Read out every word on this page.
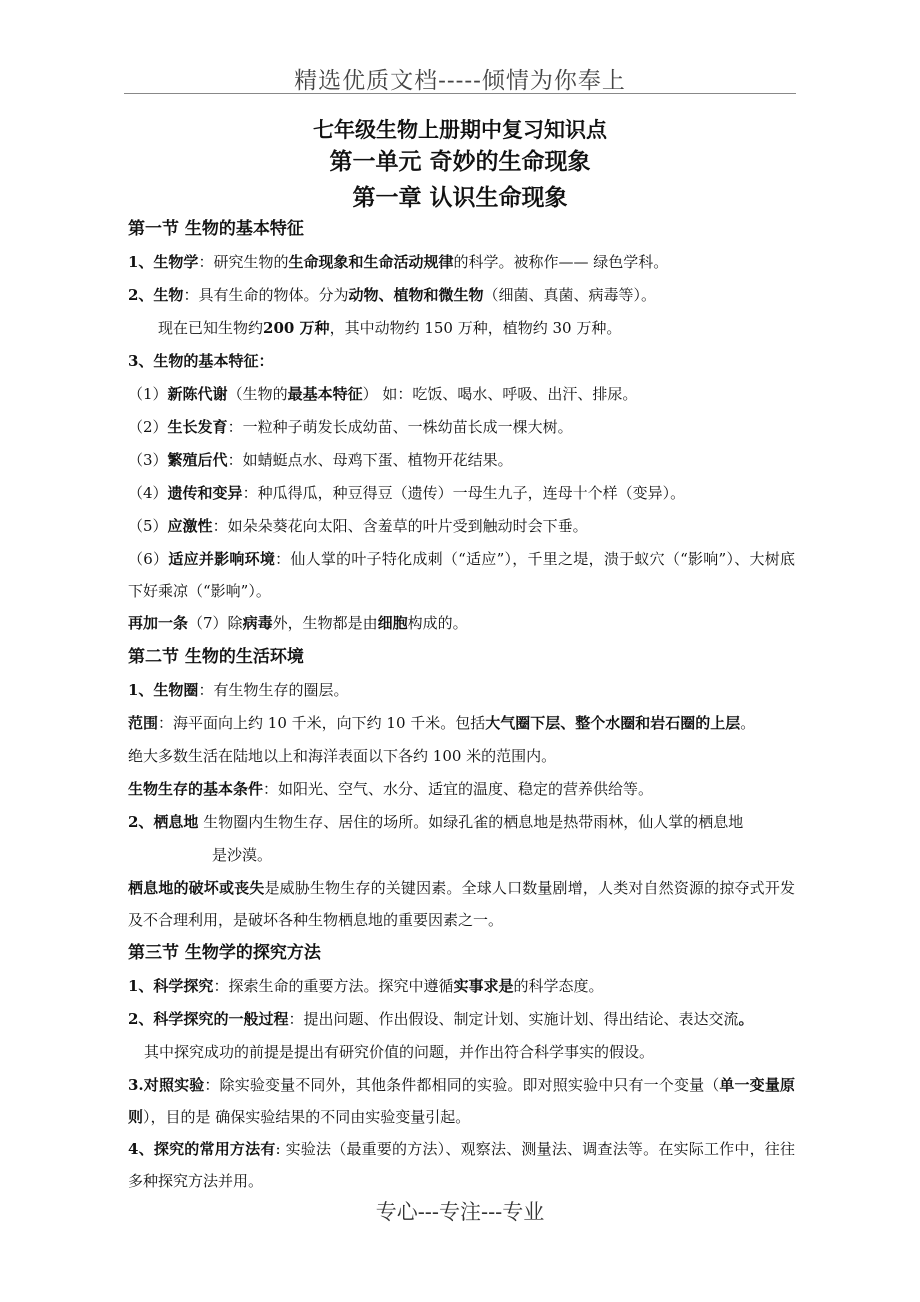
精选优质文档-----倾情为你奉上
七年级生物上册期中复习知识点
第一单元 奇妙的生命现象
第一章 认识生命现象
第一节 生物的基本特征
1、生物学：研究生物的生命现象和生命活动规律的科学。被称作—— 绿色学科。
2、生物：具有生命的物体。分为动物、植物和微生物（细菌、真菌、病毒等）。
现在已知生物约200 万种，其中动物约 150 万种，植物约 30 万种。
3、生物的基本特征：
（1）新陈代谢（生物的最基本特征） 如：吃饭、喝水、呼吸、出汗、排尿。
（2）生长发育：一粒种子萌发长成幼苗、一株幼苗长成一棵大树。
（3）繁殖后代：如蜻蜓点水、母鸡下蛋、植物开花结果。
（4）遗传和变异：种瓜得瓜，种豆得豆（遗传）一母生九子，连母十个样（变异）。
（5）应激性：如朵朵葵花向太阳、含羞草的叶片受到触动时会下垂。
（6）适应并影响环境：仙人掌的叶子特化成刺（“适应”），千里之堤，溃于蚁穴（“影响”）、大树底下好乘凉（“影响”）。
再加一条（7）除病毒外，生物都是由细胞构成的。
第二节 生物的生活环境
1、生物圈：有生物生存的圈层。
范围：海平面向上约 10 千米，向下约 10 千米。包括大气圈下层、整个水圈和岩石圈的上层。
绝大多数生活在陆地以上和海洋表面以下各约 100 米的范围内。
生物生存的基本条件：如阳光、空气、水分、适宜的温度、稳定的营养供给等。
2、栖息地 生物圈内生物生存、居住的场所。如绿孔雀的栖息地是热带雨林，仙人掌的栖息地
是沙漠。
栖息地的破坏或丧失是威胁生物生存的关键因素。全球人口数量剧增，人类对自然资源的掠夺式开发及不合理利用，是破坏各种生物栖息地的重要因素之一。
第三节 生物学的探究方法
1、科学探究：探索生命的重要方法。探究中遵循实事求是的科学态度。
2、科学探究的一般过程：提出问题、作出假设、制定计划、实施计划、得出结论、表达交流。
其中探究成功的前提是提出有研究价值的问题，并作出符合科学事实的假设。
3.对照实验：除实验变量不同外，其他条件都相同的实验。即对照实验中只有一个变量（单一变量原则），目的是 确保实验结果的不同由实验变量引起。
4、探究的常用方法有: 实验法（最重要的方法）、观察法、测量法、调查法等。在实际工作中，往往多种探究方法并用。
专心---专注---专业
